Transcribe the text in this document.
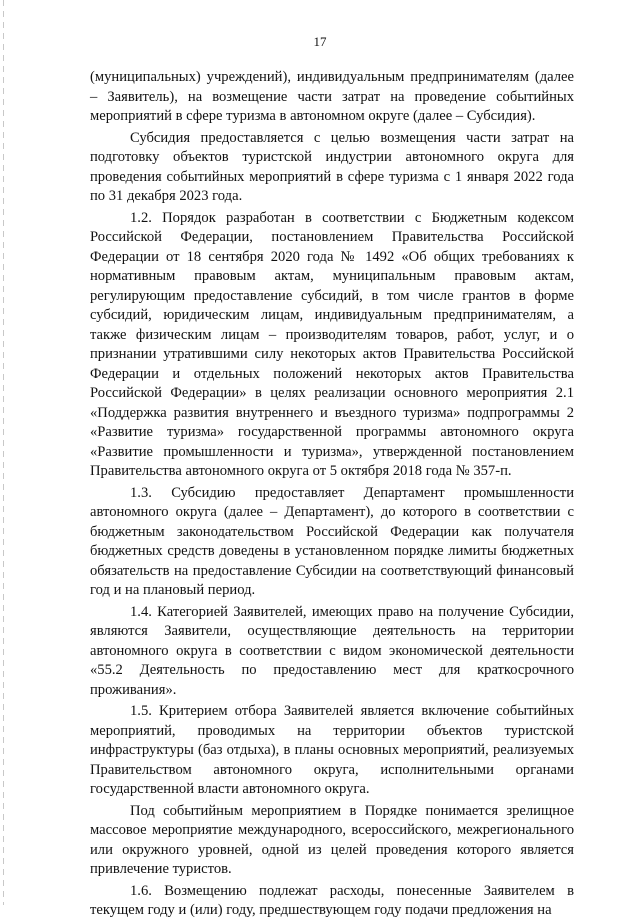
17

(муниципальных) учреждений), индивидуальным предпринимателям (далее – Заявитель), на возмещение части затрат на проведение событийных мероприятий в сфере туризма в автономном округе (далее – Субсидия).

Субсидия предоставляется с целью возмещения части затрат на подготовку объектов туристской индустрии автономного округа для проведения событийных мероприятий в сфере туризма с 1 января 2022 года по 31 декабря 2023 года.

1.2. Порядок разработан в соответствии с Бюджетным кодексом Российской Федерации, постановлением Правительства Российской Федерации от 18 сентября 2020 года № 1492 «Об общих требованиях к нормативным правовым актам, муниципальным правовым актам, регулирующим предоставление субсидий, в том числе грантов в форме субсидий, юридическим лицам, индивидуальным предпринимателям, а также физическим лицам – производителям товаров, работ, услуг, и о признании утратившими силу некоторых актов Правительства Российской Федерации и отдельных положений некоторых актов Правительства Российской Федерации» в целях реализации основного мероприятия 2.1 «Поддержка развития внутреннего и въездного туризма» подпрограммы 2 «Развитие туризма» государственной программы автономного округа «Развитие промышленности и туризма», утвержденной постановлением Правительства автономного округа от 5 октября 2018 года № 357-п.

1.3. Субсидию предоставляет Департамент промышленности автономного округа (далее – Департамент), до которого в соответствии с бюджетным законодательством Российской Федерации как получателя бюджетных средств доведены в установленном порядке лимиты бюджетных обязательств на предоставление Субсидии на соответствующий финансовый год и на плановый период.

1.4. Категорией Заявителей, имеющих право на получение Субсидии, являются Заявители, осуществляющие деятельность на территории автономного округа в соответствии с видом экономической деятельности «55.2 Деятельность по предоставлению мест для краткосрочного проживания».

1.5. Критерием отбора Заявителей является включение событийных мероприятий, проводимых на территории объектов туристской инфраструктуры (баз отдыха), в планы основных мероприятий, реализуемых Правительством автономного округа, исполнительными органами государственной власти автономного округа.

Под событийным мероприятием в Порядке понимается зрелищное массовое мероприятие международного, всероссийского, межрегионального или окружного уровней, одной из целей проведения которого является привлечение туристов.

1.6. Возмещению подлежат расходы, понесенные Заявителем в текущем году и (или) году, предшествующем году подачи предложения на
